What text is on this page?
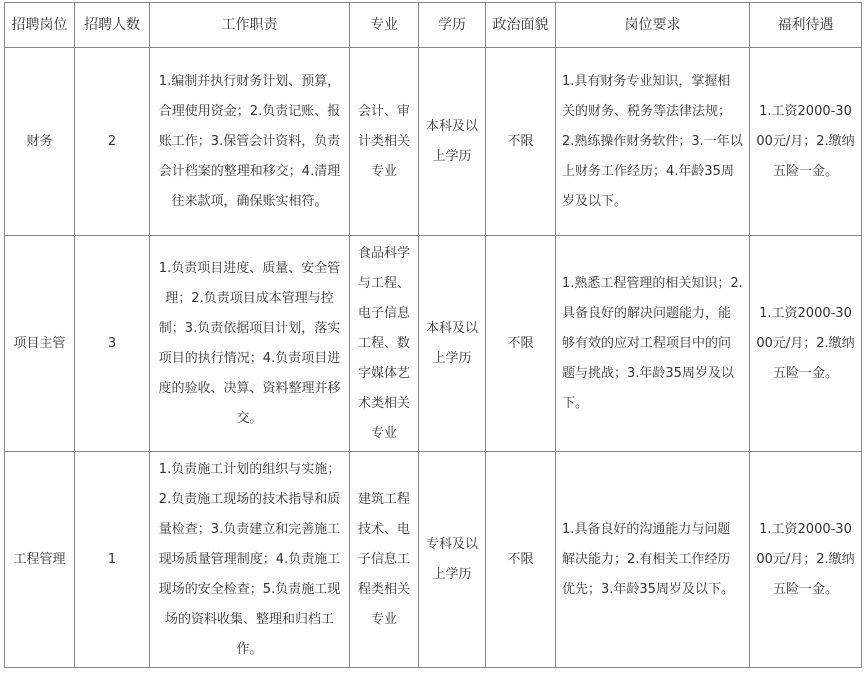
招聘岗位	招聘人数	工作职责	专业	学历	政治面貌	岗位要求	福利待遇
财务	2	1.编制并执行财务计划、预算，合理使用资金；2.负责记账、报账工作；3.保管会计资料，负责会计档案的整理和移交；4.清理往来款项，确保账实相符。	会计、审计类相关专业	本科及以上学历	不限	1.具有财务专业知识，掌握相关的财务、税务等法律法规；2.熟练操作财务软件；3.一年以上财务工作经历；4.年龄35周岁及以下。	1.工资2000-3000元/月；2.缴纳五险一金。
项目主管	3	1.负责项目进度、质量、安全管理；2.负责项目成本管理与控制；3.负责依据项目计划，落实项目的执行情况；4.负责项目进度的验收、决算、资料整理并移交。	食品科学与工程、电子信息工程、数字媒体艺术类相关专业	本科及以上学历	不限	1.熟悉工程管理的相关知识；2.具备良好的解决问题能力，能够有效的应对工程项目中的问题与挑战；3.年龄35周岁及以下。	1.工资2000-3000元/月；2.缴纳五险一金。
工程管理	1	1.负责施工计划的组织与实施；2.负责施工现场的技术指导和质量检查；3.负责建立和完善施工现场质量管理制度；4.负责施工现场的安全检查；5.负责施工现场的资料收集、整理和归档工作。	建筑工程技术、电子信息工程类相关专业	专科及以上学历	不限	1.具备良好的沟通能力与问题解决能力；2.有相关工作经历优先；3.年龄35周岁及以下。	1.工资2000-3000元/月；2.缴纳五险一金。
